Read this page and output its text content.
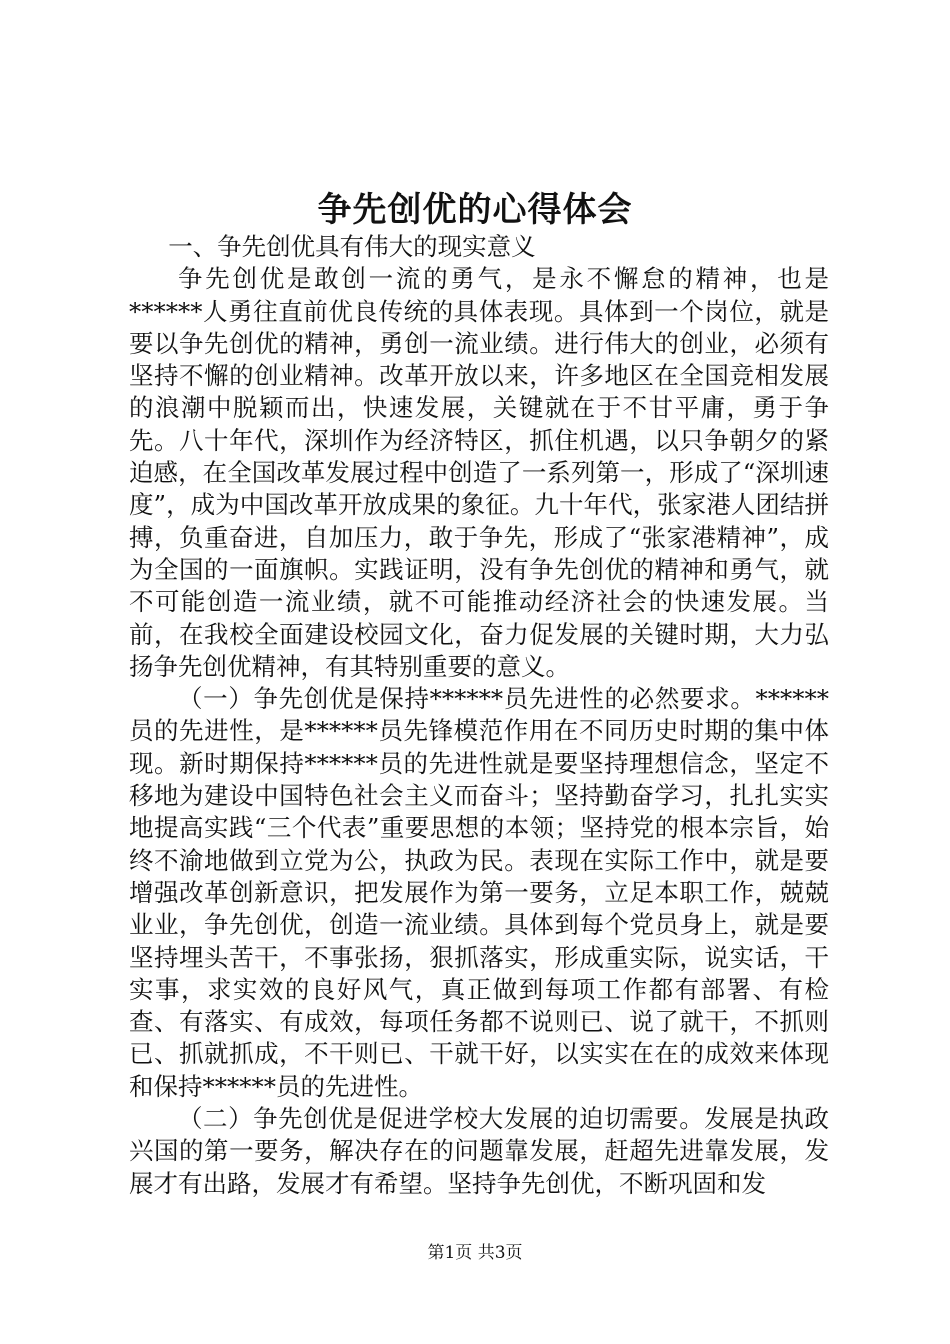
争先创优的心得体会

一、争先创优具有伟大的现实意义

争先创优是敢创一流的勇气，是永不懈怠的精神，也是******人勇往直前优良传统的具体表现。具体到一个岗位，就是要以争先创优的精神，勇创一流业绩。进行伟大的创业，必须有坚持不懈的创业精神。改革开放以来，许多地区在全国竞相发展的浪潮中脱颖而出，快速发展，关键就在于不甘平庸，勇于争先。八十年代，深圳作为经济特区，抓住机遇，以只争朝夕的紧迫感，在全国改革发展过程中创造了一系列第一，形成了“深圳速度”，成为中国改革开放成果的象征。九十年代，张家港人团结拼搏，负重奋进，自加压力，敢于争先，形成了“张家港精神”，成为全国的一面旗帜。实践证明，没有争先创优的精神和勇气，就不可能创造一流业绩，就不可能推动经济社会的快速发展。当前，在我校全面建设校园文化，奋力促发展的关键时期，大力弘扬争先创优精神，有其特别重要的意义。

（一）争先创优是保持******员先进性的必然要求。******员的先进性，是******员先锋模范作用在不同历史时期的集中体现。新时期保持******员的先进性就是要坚持理想信念，坚定不移地为建设中国特色社会主义而奋斗；坚持勤奋学习，扎扎实实地提高实践“三个代表”重要思想的本领；坚持党的根本宗旨，始终不渝地做到立党为公，执政为民。表现在实际工作中，就是要增强改革创新意识，把发展作为第一要务，立足本职工作，兢兢业业，争先创优，创造一流业绩。具体到每个党员身上，就是要坚持埋头苦干，不事张扬，狠抓落实，形成重实际，说实话，干实事，求实效的良好风气，真正做到每项工作都有部署、有检查、有落实、有成效，每项任务都不说则已、说了就干，不抓则已、抓就抓成，不干则已、干就干好，以实实在在的成效来体现和保持******员的先进性。

（二）争先创优是促进学校大发展的迫切需要。发展是执政兴国的第一要务，解决存在的问题靠发展，赶超先进靠发展，发展才有出路，发展才有希望。坚持争先创优，不断巩固和发

第1页 共3页
